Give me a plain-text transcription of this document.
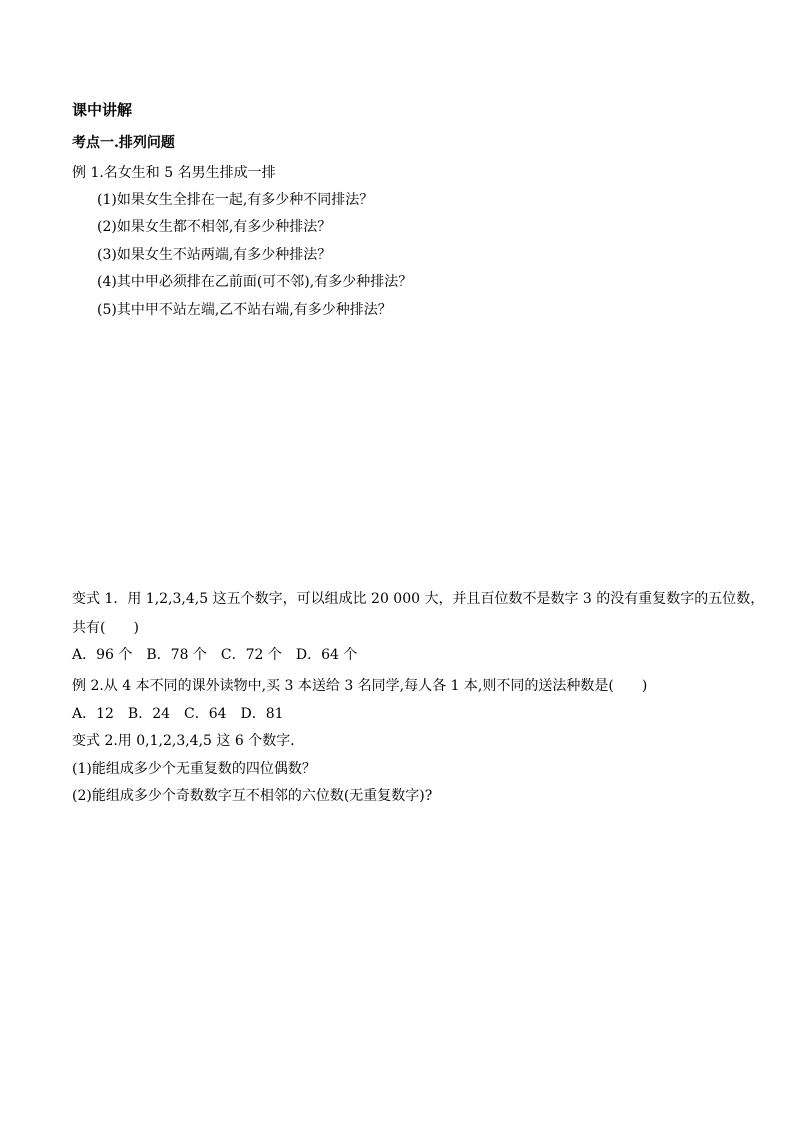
课中讲解
考点一.排列问题
例 1.名女生和 5 名男生排成一排
(1)如果女生全排在一起,有多少种不同排法？
(2)如果女生都不相邻,有多少种排法？
(3)如果女生不站两端,有多少种排法？
(4)其中甲必须排在乙前面(可不邻),有多少种排法？
(5)其中甲不站左端,乙不站右端,有多少种排法？
变式 1．用 1,2,3,4,5 这五个数字，可以组成比 20 000 大，并且百位数不是数字 3 的没有重复数字的五位数，
共有(　　)
A．96 个　B．78 个　C．72 个　D．64 个
例 2.从 4 本不同的课外读物中,买 3 本送给 3 名同学,每人各 1 本,则不同的送法种数是(　　)
A．12　B．24　C．64　D．81
变式 2.用 0,1,2,3,4,5 这 6 个数字．
(1)能组成多少个无重复数的四位偶数？
(2)能组成多少个奇数数字互不相邻的六位数(无重复数字)?
